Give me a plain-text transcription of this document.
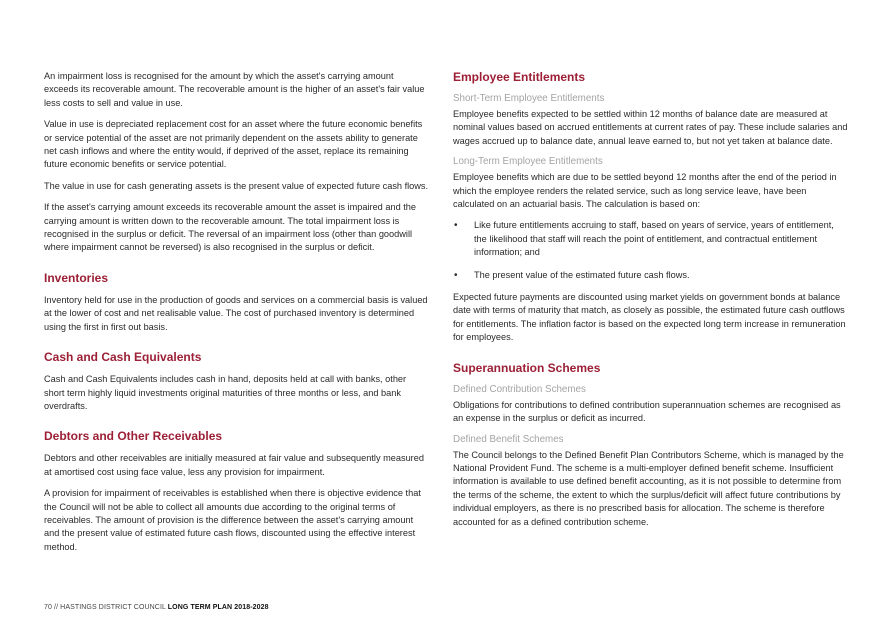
An impairment loss is recognised for the amount by which the asset's carrying amount exceeds its recoverable amount. The recoverable amount is the higher of an asset's fair value less costs to sell and value in use.

Value in use is depreciated replacement cost for an asset where the future economic benefits or service potential of the asset are not primarily dependent on the assets ability to generate net cash inflows and where the entity would, if deprived of the asset, replace its remaining future economic benefits or service potential.

The value in use for cash generating assets is the present value of expected future cash flows.

If the asset's carrying amount exceeds its recoverable amount the asset is impaired and the carrying amount is written down to the recoverable amount. The total impairment loss is recognised in the surplus or deficit. The reversal of an impairment loss (other than goodwill where impairment cannot be reversed) is also recognised in the surplus or deficit.

Inventories

Inventory held for use in the production of goods and services on a commercial basis is valued at the lower of cost and net realisable value. The cost of purchased inventory is determined using the first in first out basis.

Cash and Cash Equivalents

Cash and Cash Equivalents includes cash in hand, deposits held at call with banks, other short term highly liquid investments original maturities of three months or less, and bank overdrafts.

Debtors and Other Receivables

Debtors and other receivables are initially measured at fair value and subsequently measured at amortised cost using face value, less any provision for impairment.

A provision for impairment of receivables is established when there is objective evidence that the Council will not be able to collect all amounts due according to the original terms of receivables. The amount of provision is the difference between the asset's carrying amount and the present value of estimated future cash flows, discounted using the effective interest method.

Employee Entitlements
Short-Term Employee Entitlements

Employee benefits expected to be settled within 12 months of balance date are measured at nominal values based on accrued entitlements at current rates of pay. These include salaries and wages accrued up to balance date, annual leave earned to, but not yet taken at balance date.

Long-Term Employee Entitlements

Employee benefits which are due to be settled beyond 12 months after the end of the period in which the employee renders the related service, such as long service leave, have been calculated on an actuarial basis. The calculation is based on:

• Like future entitlements accruing to staff, based on years of service, years of entitlement, the likelihood that staff will reach the point of entitlement, and contractual entitlement information; and
• The present value of the estimated future cash flows.

Expected future payments are discounted using market yields on government bonds at balance date with terms of maturity that match, as closely as possible, the estimated future cash outflows for entitlements. The inflation factor is based on the expected long term increase in remuneration for employees.

Superannuation Schemes
Defined Contribution Schemes

Obligations for contributions to defined contribution superannuation schemes are recognised as an expense in the surplus or deficit as incurred.

Defined Benefit Schemes

The Council belongs to the Defined Benefit Plan Contributors Scheme, which is managed by the National Provident Fund. The scheme is a multi-employer defined benefit scheme. Insufficient information is available to use defined benefit accounting, as it is not possible to determine from the terms of the scheme, the extent to which the surplus/deficit will affect future contributions by individual employers, as there is no prescribed basis for allocation. The scheme is therefore accounted for as a defined contribution scheme.

70 // HASTINGS DISTRICT COUNCIL LONG TERM PLAN 2018-2028
